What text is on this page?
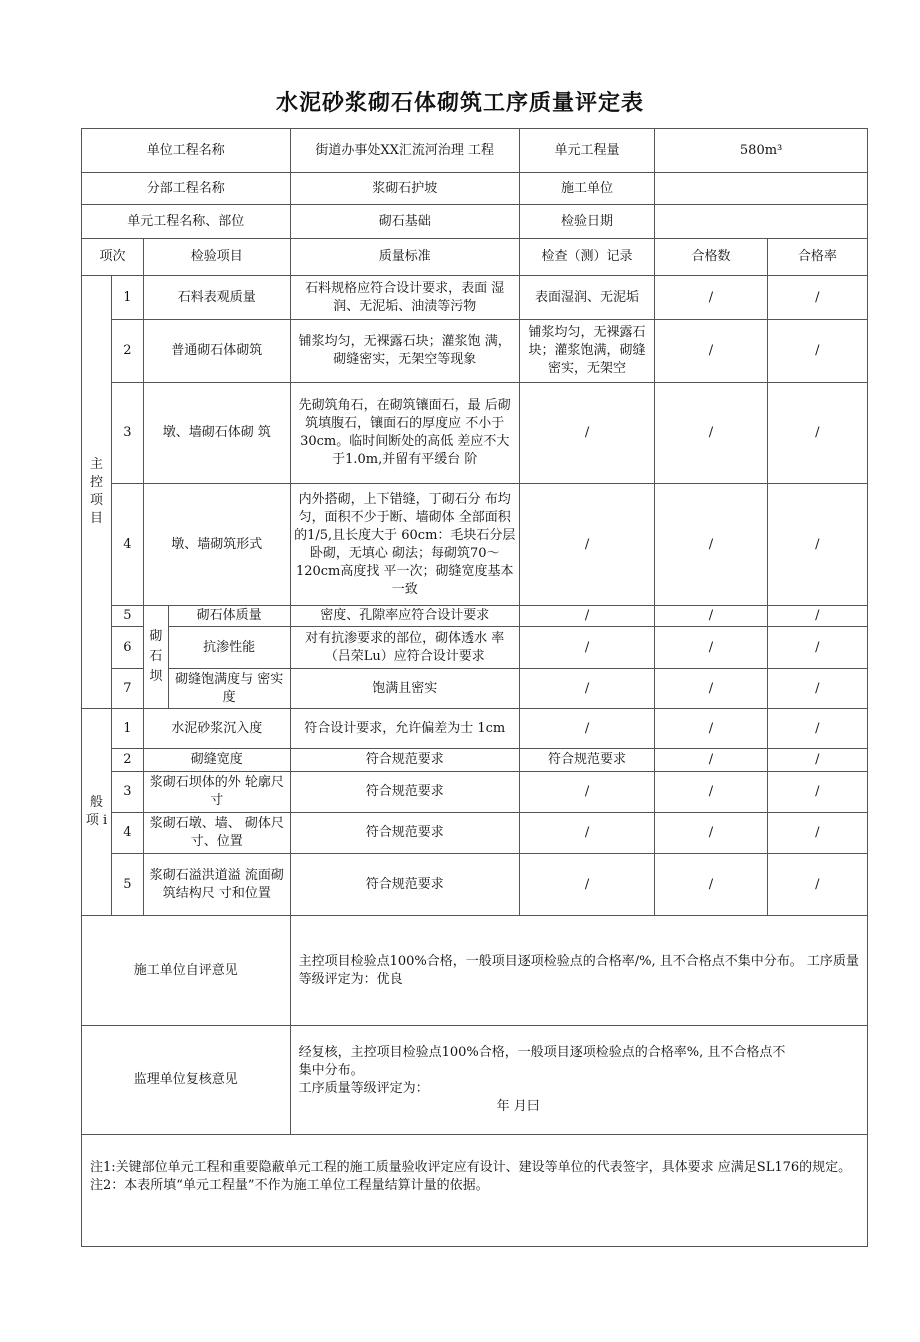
水泥砂浆砌石体砌筑工序质量评定表
单位工程名称				街道办事处XX汇流河治理 工程	单元工程量	580m³	
分部工程名称				浆砌石护坡	施工单位		
单元工程名称、部位				砌石基础	检验日期		
项次		检验项目		质量标准	检查（测）记录	合格数	合格率

主控项目	1	石料表观质量		石料规格应符合设计要求，表面 湿润、无泥垢、油渍等污物	表面湿润、无泥垢	/	/
	2	普通砌石体砌筑		铺浆均匀，无裸露石块；灌浆饱 满，砌缝密实，无架空等现象	铺浆均匀，无裸露石块；灌浆饱满，砌缝密实，无架空	/	/
	3	墩、墙砌石体砌 筑		先砌筑角石，在砌筑镶面石，最 后砌筑填腹石，镶面石的厚度应 不小于30cm。临时间断处的高低 差应不大于1.0m,并留有平缓台 阶	/	/	/
	4	墩、墙砌筑形式		内外搭砌，上下错缝，丁砌石分 布均匀，面积不少于断、墙砌体 全部面积的1/5,且长度大于 60cm：毛块石分层卧砌，无填心 砌法；每砌筑70～120cm高度找 平一次；砌缝宽度基本一致	/	/	/
	5	砌石坝	砌石体质量	密度、孔隙率应符合设计要求	/	/	/
	6		抗渗性能	对有抗渗要求的部位，砌体透水 率（吕荣Lu）应符合设计要求	/	/	/
	7		砌缝饱满度与 密实度	饱满且密实	/	/	/

般
项 i	1	水泥砂浆沉入度		符合设计要求，允许偏差为士 1cm	/	/	/
	2	砌缝宽度		符合规范要求	符合规范要求	/	/
	3	浆砌石坝体的外 轮廓尺寸		符合规范要求	/	/	/
	4	浆砌石墩、墙、 砌体尺寸、位置		符合规范要求	/	/	/
	5	浆砌石溢洪道溢 流面砌筑结构尺 寸和位置		符合规范要求	/	/	/
施工单位自评意见				主控项目检验点100%合格，一般项目逐项检验点的合格率/%, 且不合格点不集中分布。 工序质量等级评定为：优良			
监理单位复核意见				经复核，主控项目检验点100%合格，一般项目逐项检验点的合格率%, 且不合格点不
集中分布。
工序质量等级评定为：
年 月曰			

注1:关键部位单元工程和重要隐蔽单元工程的施工质量验收评定应有设计、建设等单位的代表签字，具体要求 应满足SL176的规定。
注2：本表所填“单元工程量”不作为施工单位工程量结算计量的依据。							
